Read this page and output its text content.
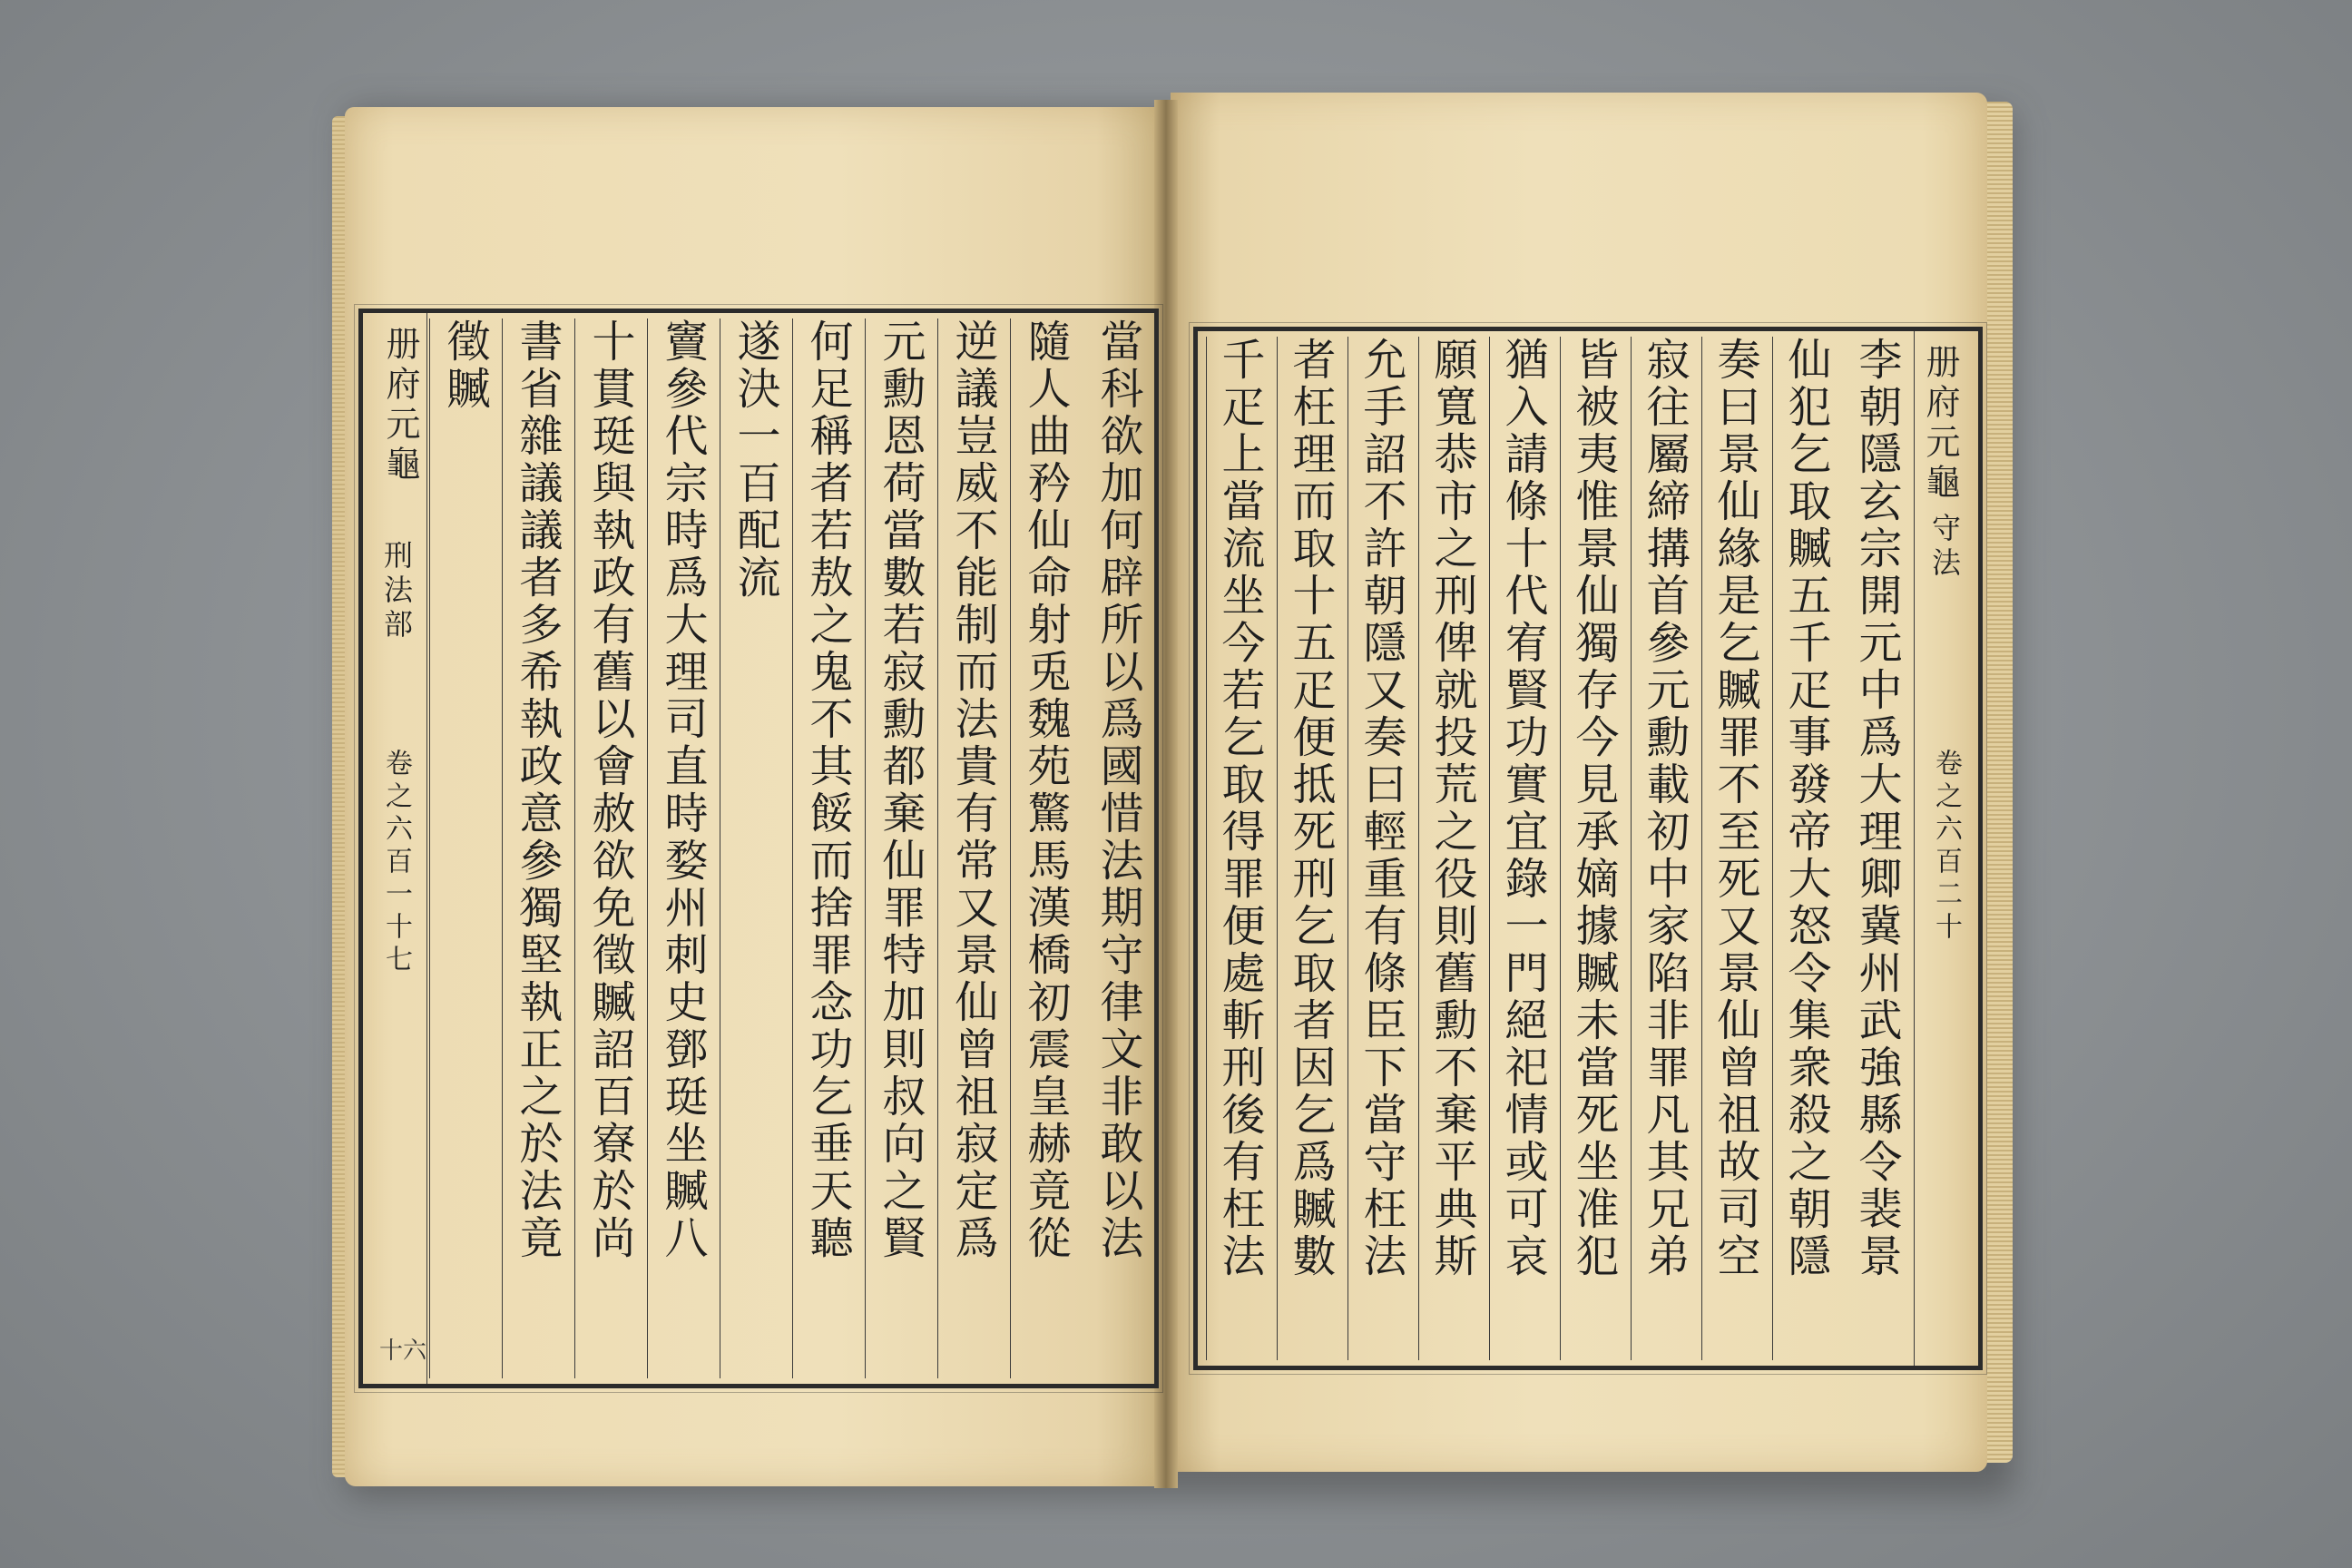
當科欲加何辟所以爲國惜法期守律文非敢以法
隨人曲矜仙命射兎魏苑驚馬漢橋初震皇赫竟從
逆議豈威不能制而法貴有常又景仙曾祖寂定爲
元勳恩荷當數若寂勳都棄仙罪特加則叔向之賢
何足稱者若敖之鬼不其餒而捨罪念功乞垂天聽
遂決一百配流
竇參代宗時爲大理司直時婺州刺史鄧珽坐贓八
十貫珽與執政有舊以會赦欲免徵贓詔百寮於尚
書省雜議議者多希執政意參獨堅執正之於法竟
徵贓
册府元龜
刑法部
卷之六百一十七
十六
册府元龜
守法
卷之六百二十
李朝隱玄宗開元中爲大理卿冀州武強縣令裴景
仙犯乞取贓五千疋事發帝大怒令集衆殺之朝隱
奏曰景仙緣是乞贓罪不至死又景仙曾祖故司空
寂往屬締搆首參元勳載初中家陷非罪凡其兄弟
皆被夷惟景仙獨存今見承嫡據贓未當死坐准犯
猶入請條十代宥賢功實宜錄一門絕祀情或可哀
願寬恭市之刑俾就投荒之役則舊勳不棄平典斯
允手詔不許朝隱又奏曰輕重有條臣下當守枉法
者枉理而取十五疋便抵死刑乞取者因乞爲贓數
千疋上當流坐今若乞取得罪便處斬刑後有枉法
